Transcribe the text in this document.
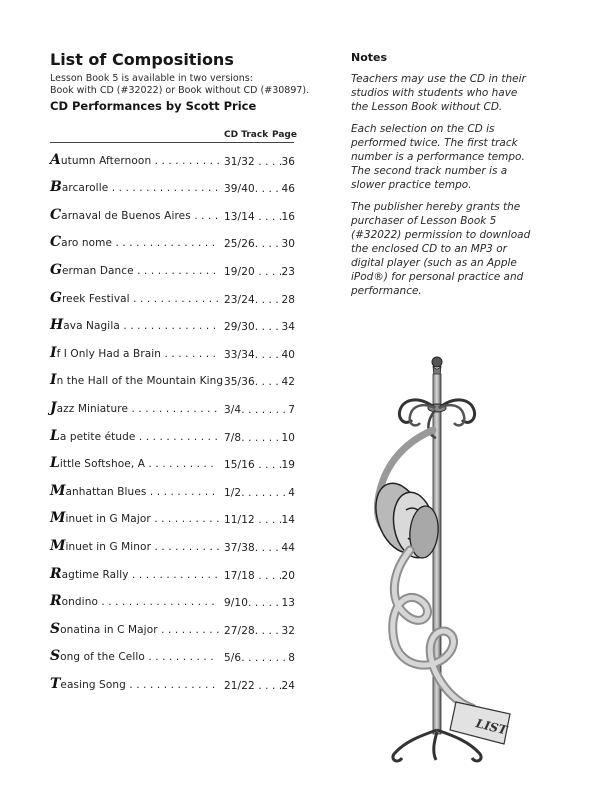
List of Compositions
Lesson Book 5 is available in two versions:
Book with CD (#32022) or Book without CD (#30897).
CD Performances by Scott Price
CD Track Page
Autumn Afternoon . . . . . . . . . . 31/32 . . . . 36
Barcarolle . . . . . . . . . . . . . . . . 39/40. . . . 46
Carnaval de Buenos Aires . . . . 13/14 . . . . 16
Caro nome . . . . . . . . . . . . . . . 25/26. . . . 30
German Dance . . . . . . . . . . . . 19/20 . . . . 23
Greek Festival . . . . . . . . . . . . . 23/24. . . . 28
Hava Nagila . . . . . . . . . . . . . . 29/30. . . . 34
If I Only Had a Brain . . . . . . . . 33/34. . . . 40
In the Hall of the Mountain King 35/36. . . . 42
Jazz Miniature . . . . . . . . . . . . . 3/4. . . . . . . 7
La petite étude . . . . . . . . . . . . 7/8. . . . . . 10
Little Softshoe, A . . . . . . . . . . 15/16 . . . . 19
Manhattan Blues . . . . . . . . . . 1/2. . . . . . . 4
Minuet in G Major . . . . . . . . . . 11/12 . . . . 14
Minuet in G Minor . . . . . . . . . . 37/38. . . . 44
Ragtime Rally . . . . . . . . . . . . . 17/18 . . . . 20
Rondino . . . . . . . . . . . . . . . . . 9/10. . . . . 13
Sonatina in C Major . . . . . . . . . 27/28. . . . 32
Song of the Cello . . . . . . . . . . 5/6. . . . . . . 8
Teasing Song . . . . . . . . . . . . . 21/22 . . . . 24
Notes

Teachers may use the CD in their studios with students who have the Lesson Book without CD.

Each selection on the CD is performed twice. The first track number is a performance tempo. The second track number is a slower practice tempo.

The publisher hereby grants the purchaser of Lesson Book 5 (#32022) permission to download the enclosed CD to an MP3 or digital player (such as an Apple iPod®) for personal practice and performance.

LIST
